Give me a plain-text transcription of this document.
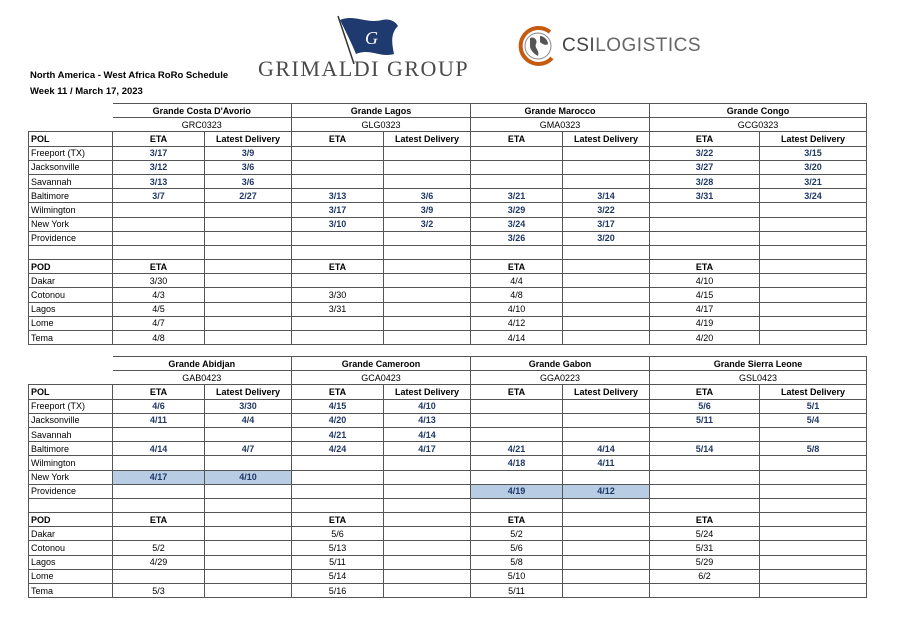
North America - West Africa RoRo Schedule
Week 11 / March 17, 2023
G
GRIMALDI GROUP
CSILOGISTICS
	Grande Costa D'Avorio		Grande Lagos		Grande Marocco		Grande Congo	
	GRC0323		GLG0323		GMA0323		GCG0323	
POL	ETA	Latest Delivery	ETA	Latest Delivery	ETA	Latest Delivery	ETA	Latest Delivery
Freeport (TX)	3/17	3/9					3/22	3/15
Jacksonville	3/12	3/6					3/27	3/20
Savannah	3/13	3/6					3/28	3/21
Baltimore	3/7	2/27	3/13	3/6	3/21	3/14	3/31	3/24
Wilmington			3/17	3/9	3/29	3/22		
New York			3/10	3/2	3/24	3/17		
Providence					3/26	3/20		

POD	ETA		ETA		ETA		ETA	
Dakar	3/30				4/4		4/10	
Cotonou	4/3		3/30		4/8		4/15	
Lagos	4/5		3/31		4/10		4/17	
Lome	4/7				4/12		4/19	
Tema	4/8				4/14		4/20	
	Grande Abidjan		Grande Cameroon		Grande Gabon		Grande Sierra Leone	
	GAB0423		GCA0423		GGA0223		GSL0423	
POL	ETA	Latest Delivery	ETA	Latest Delivery	ETA	Latest Delivery	ETA	Latest Delivery
Freeport (TX)	4/6	3/30	4/15	4/10			5/6	5/1
Jacksonville	4/11	4/4	4/20	4/13			5/11	5/4
Savannah			4/21	4/14				
Baltimore	4/14	4/7	4/24	4/17	4/21	4/14	5/14	5/8
Wilmington					4/18	4/11		
New York	4/17	4/10						
Providence					4/19	4/12		

POD	ETA		ETA		ETA		ETA	
Dakar			5/6		5/2		5/24	
Cotonou	5/2		5/13		5/6		5/31	
Lagos	4/29		5/11		5/8		5/29	
Lome			5/14		5/10		6/2	
Tema	5/3		5/16		5/11			
